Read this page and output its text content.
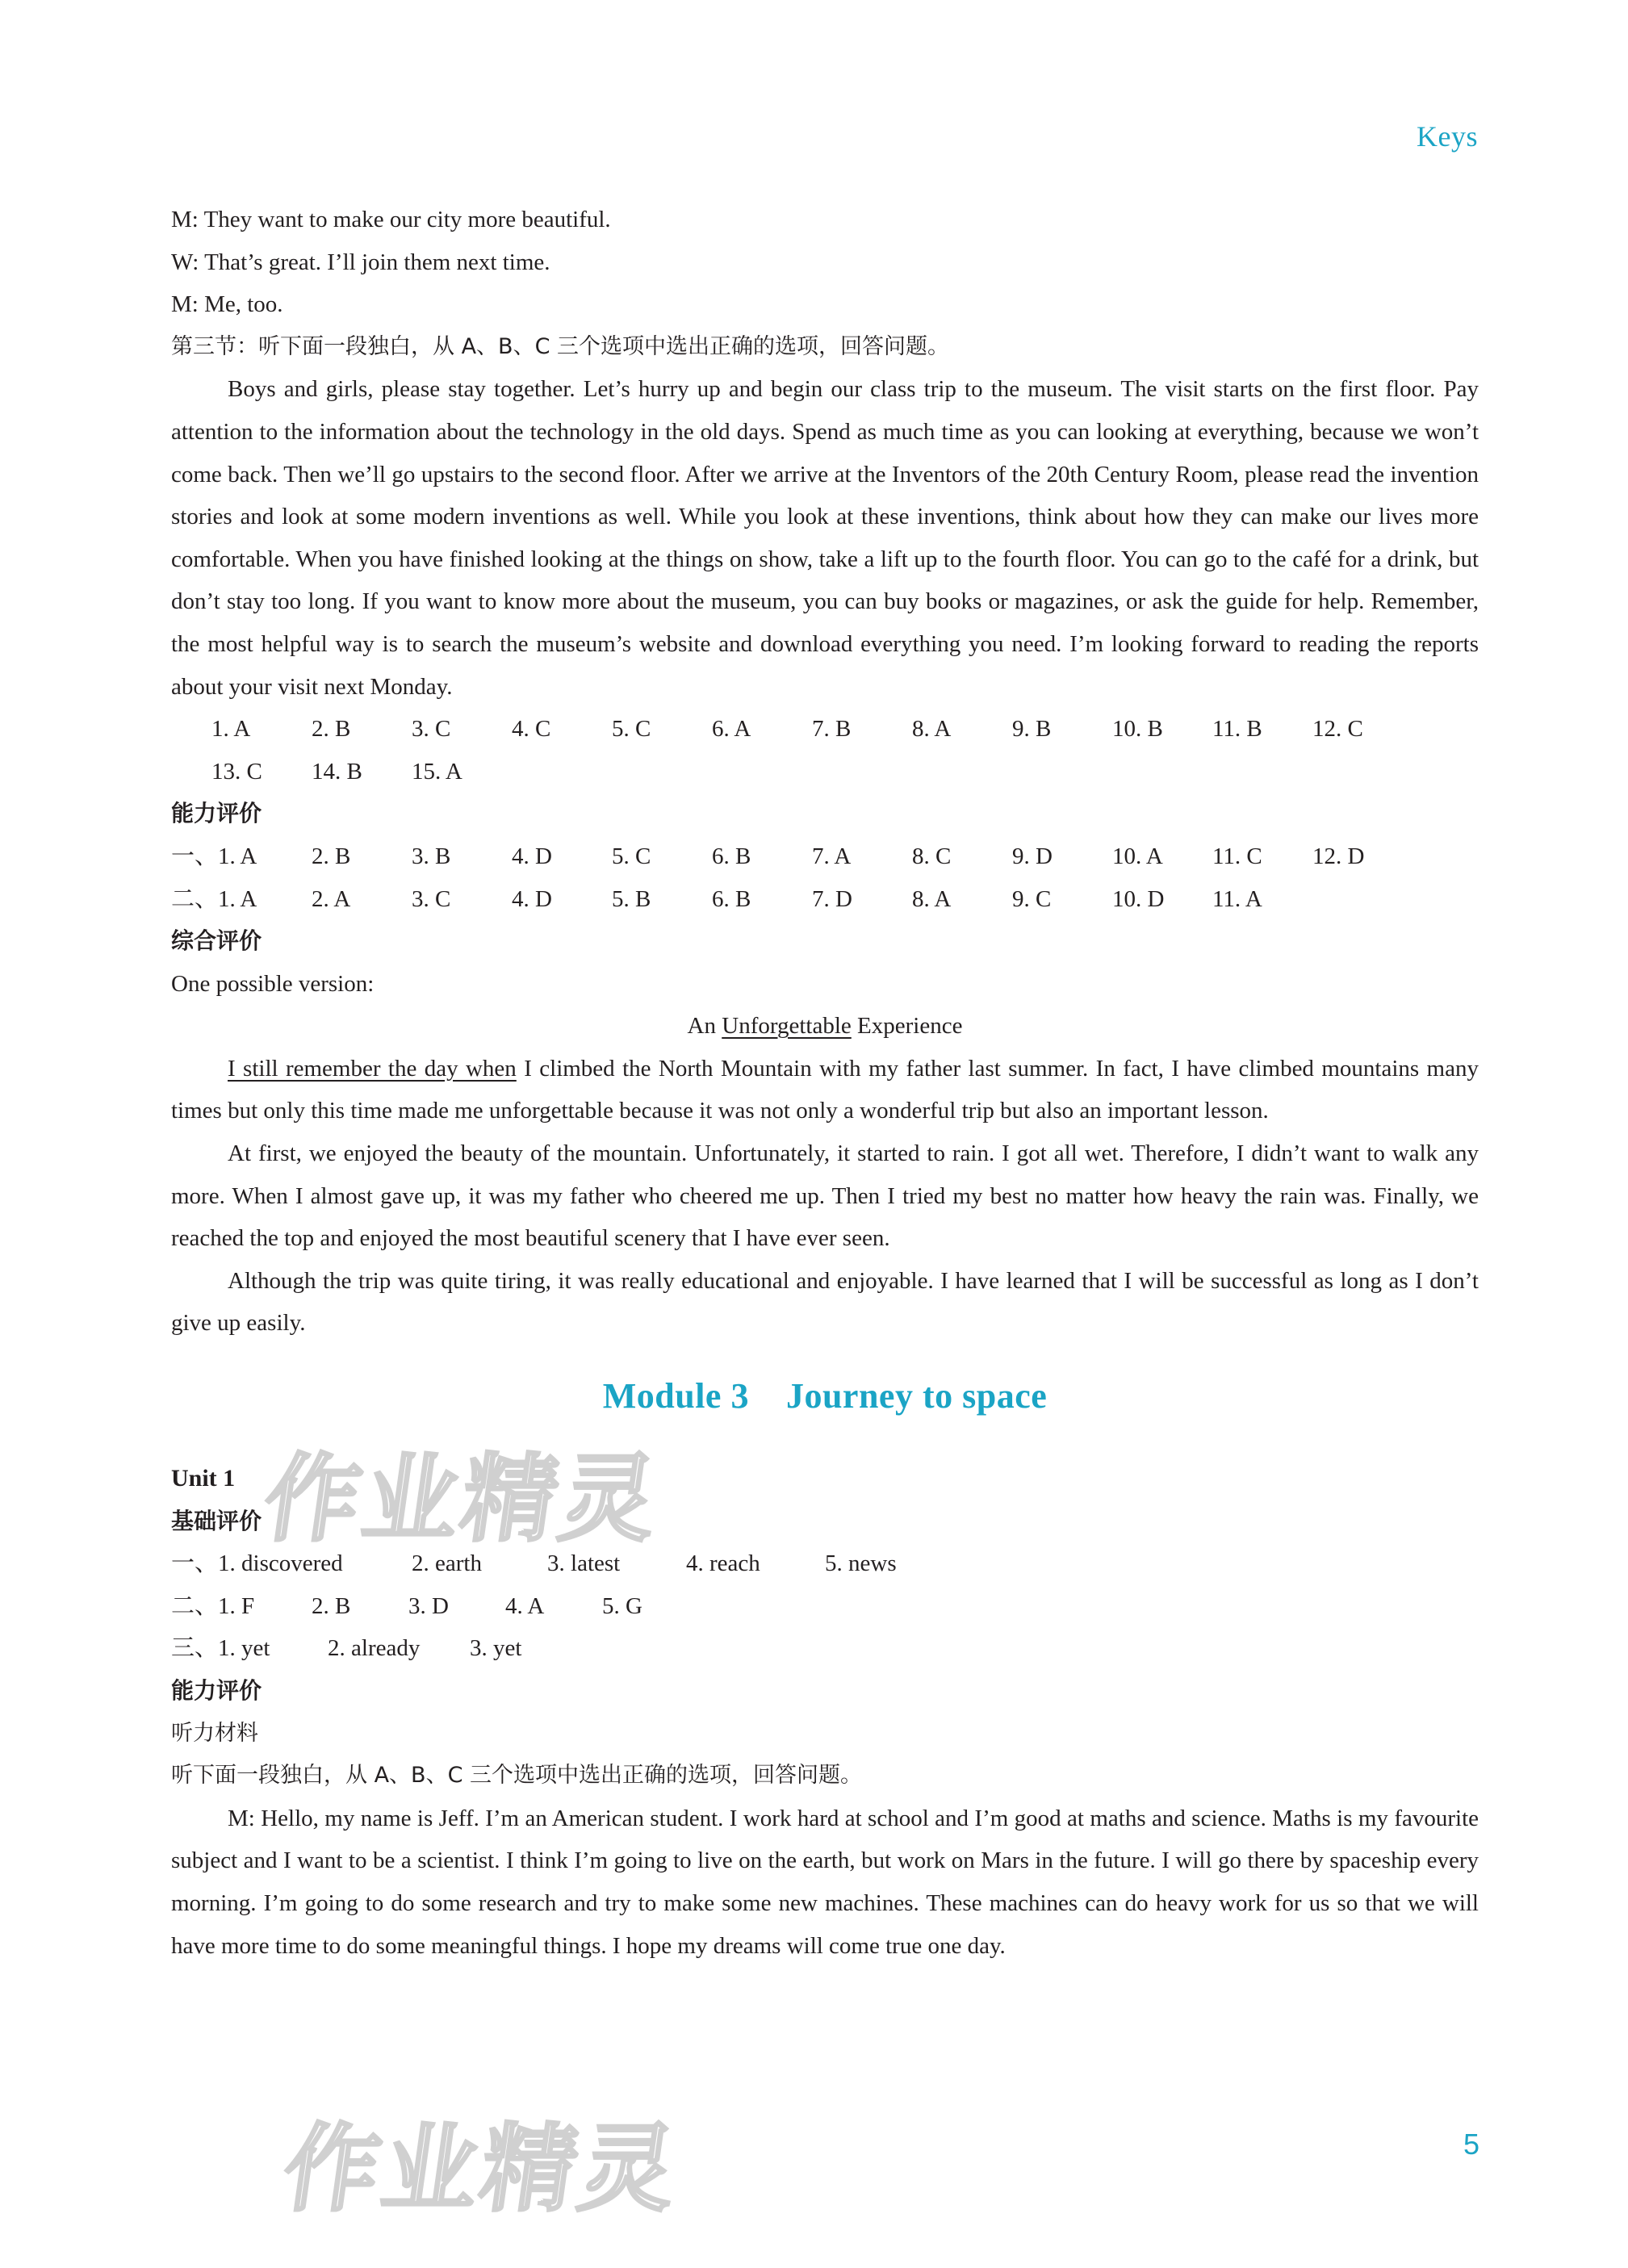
Keys

M: They want to make our city more beautiful.

W: That’s great. I’ll join them next time.

M: Me, too.

第三节：听下面一段独白，从 A、B、C 三个选项中选出正确的选项，回答问题。

Boys and girls, please stay together. Let’s hurry up and begin our class trip to the museum. The visit starts on the first floor. Pay attention to the information about the technology in the old days. Spend as much time as you can looking at everything, because we won’t come back. Then we’ll go upstairs to the second floor. After we arrive at the Inventors of the 20th Century Room, please read the invention stories and look at some modern inventions as well. While you look at these inventions, think about how they can make our lives more comfortable. When you have finished looking at the things on show, take a lift up to the fourth floor. You can go to the café for a drink, but don’t stay too long. If you want to know more about the museum, you can buy books or magazines, or ask the guide for help. Remember, the most helpful way is to search the museum’s website and download everything you need. I’m looking forward to reading the reports about your visit next Monday.

1. A	2. B	3. C	4. C	5. C	6. A	7. B	8. A	9. B	10. B	11. B	12. C
13. C	14. B	15. A

能力评价

一、1. A	2. B	3. B	4. D	5. C	6. B	7. A	8. C	9. D	10. A	11. C	12. D
二、1. A	2. A	3. C	4. D	5. B	6. B	7. D	8. A	9. C	10. D	11. A

综合评价

One possible version:

An Unforgettable Experience

I still remember the day when I climbed the North Mountain with my father last summer. In fact, I have climbed mountains many times but only this time made me unforgettable because it was not only a wonderful trip but also an important lesson.

At first, we enjoyed the beauty of the mountain. Unfortunately, it started to rain. I got all wet. Therefore, I didn’t want to walk any more. When I almost gave up, it was my father who cheered me up. Then I tried my best no matter how heavy the rain was. Finally, we reached the top and enjoyed the most beautiful scenery that I have ever seen.

Although the trip was quite tiring, it was really educational and enjoyable. I have learned that I will be successful as long as I don’t give up easily.

Module 3 Journey to space

Unit 1

基础评价

一、 1. discovered	2. earth	3. latest	4. reach	5. news
二、 1. F	2. B	3. D	4. A	5. G
三、 1. yet	2. already	3. yet

能力评价

听力材料

听下面一段独白，从 A、B、C 三个选项中选出正确的选项，回答问题。

M: Hello, my name is Jeff. I’m an American student. I work hard at school and I’m good at maths and science. Maths is my favourite subject and I want to be a scientist. I think I’m going to live on the earth, but work on Mars in the future. I will go there by spaceship every morning. I’m going to do some research and try to make some new machines. These machines can do heavy work for us so that we will have more time to do some meaningful things. I hope my dreams will come true one day.

作业精灵
作业精灵	5
